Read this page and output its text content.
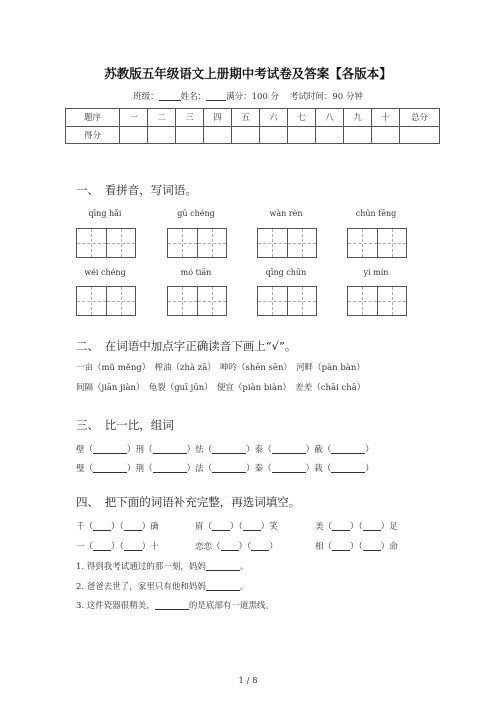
苏教版五年级语文上册期中考试卷及答案【各版本】
班级：	姓名： 满分：100 分 考试时间：90 分钟
题序	一	二	三	四	五	六	七	八	九	十	总分
得分											
一、　看拼音，写词语。
qīng hǎi	gū chéng	wàn rèn	chūn fēng
wéi chéng	mó tiān	qīng chūn	yí mín
二、　在词语中加点字正确读音下画上“√”。
一亩（mǔ měng）　榨油（zhà zā）　呻吟（shēn sēn）　河畔（pàn bàn）
间隔（jiān jiàn）　龟裂（guī jūn）　便宜（piàn biàn）　差差（chāi chā）
三、　比一比，组词
壁（	）刑（	）怯（	）泰（	）截（	）
璧（	）荆（	）法（	）秦（	）栽（	）
四、　把下面的词语补充完整，再选词填空。
千（ ）（ ）确	眉（ ）（ ）笑	美（ ）（ ）足
一（ ）（ ）十	恋恋（ ）（ ）	相（ ）（ ）命
1. 得到我考试通过的那一刻，妈妈	。
2. 爸爸去世了，家里只有他和妈妈	。
3. 这件瓷器很精美，	的是底部有一道黑线。
1 / 8
